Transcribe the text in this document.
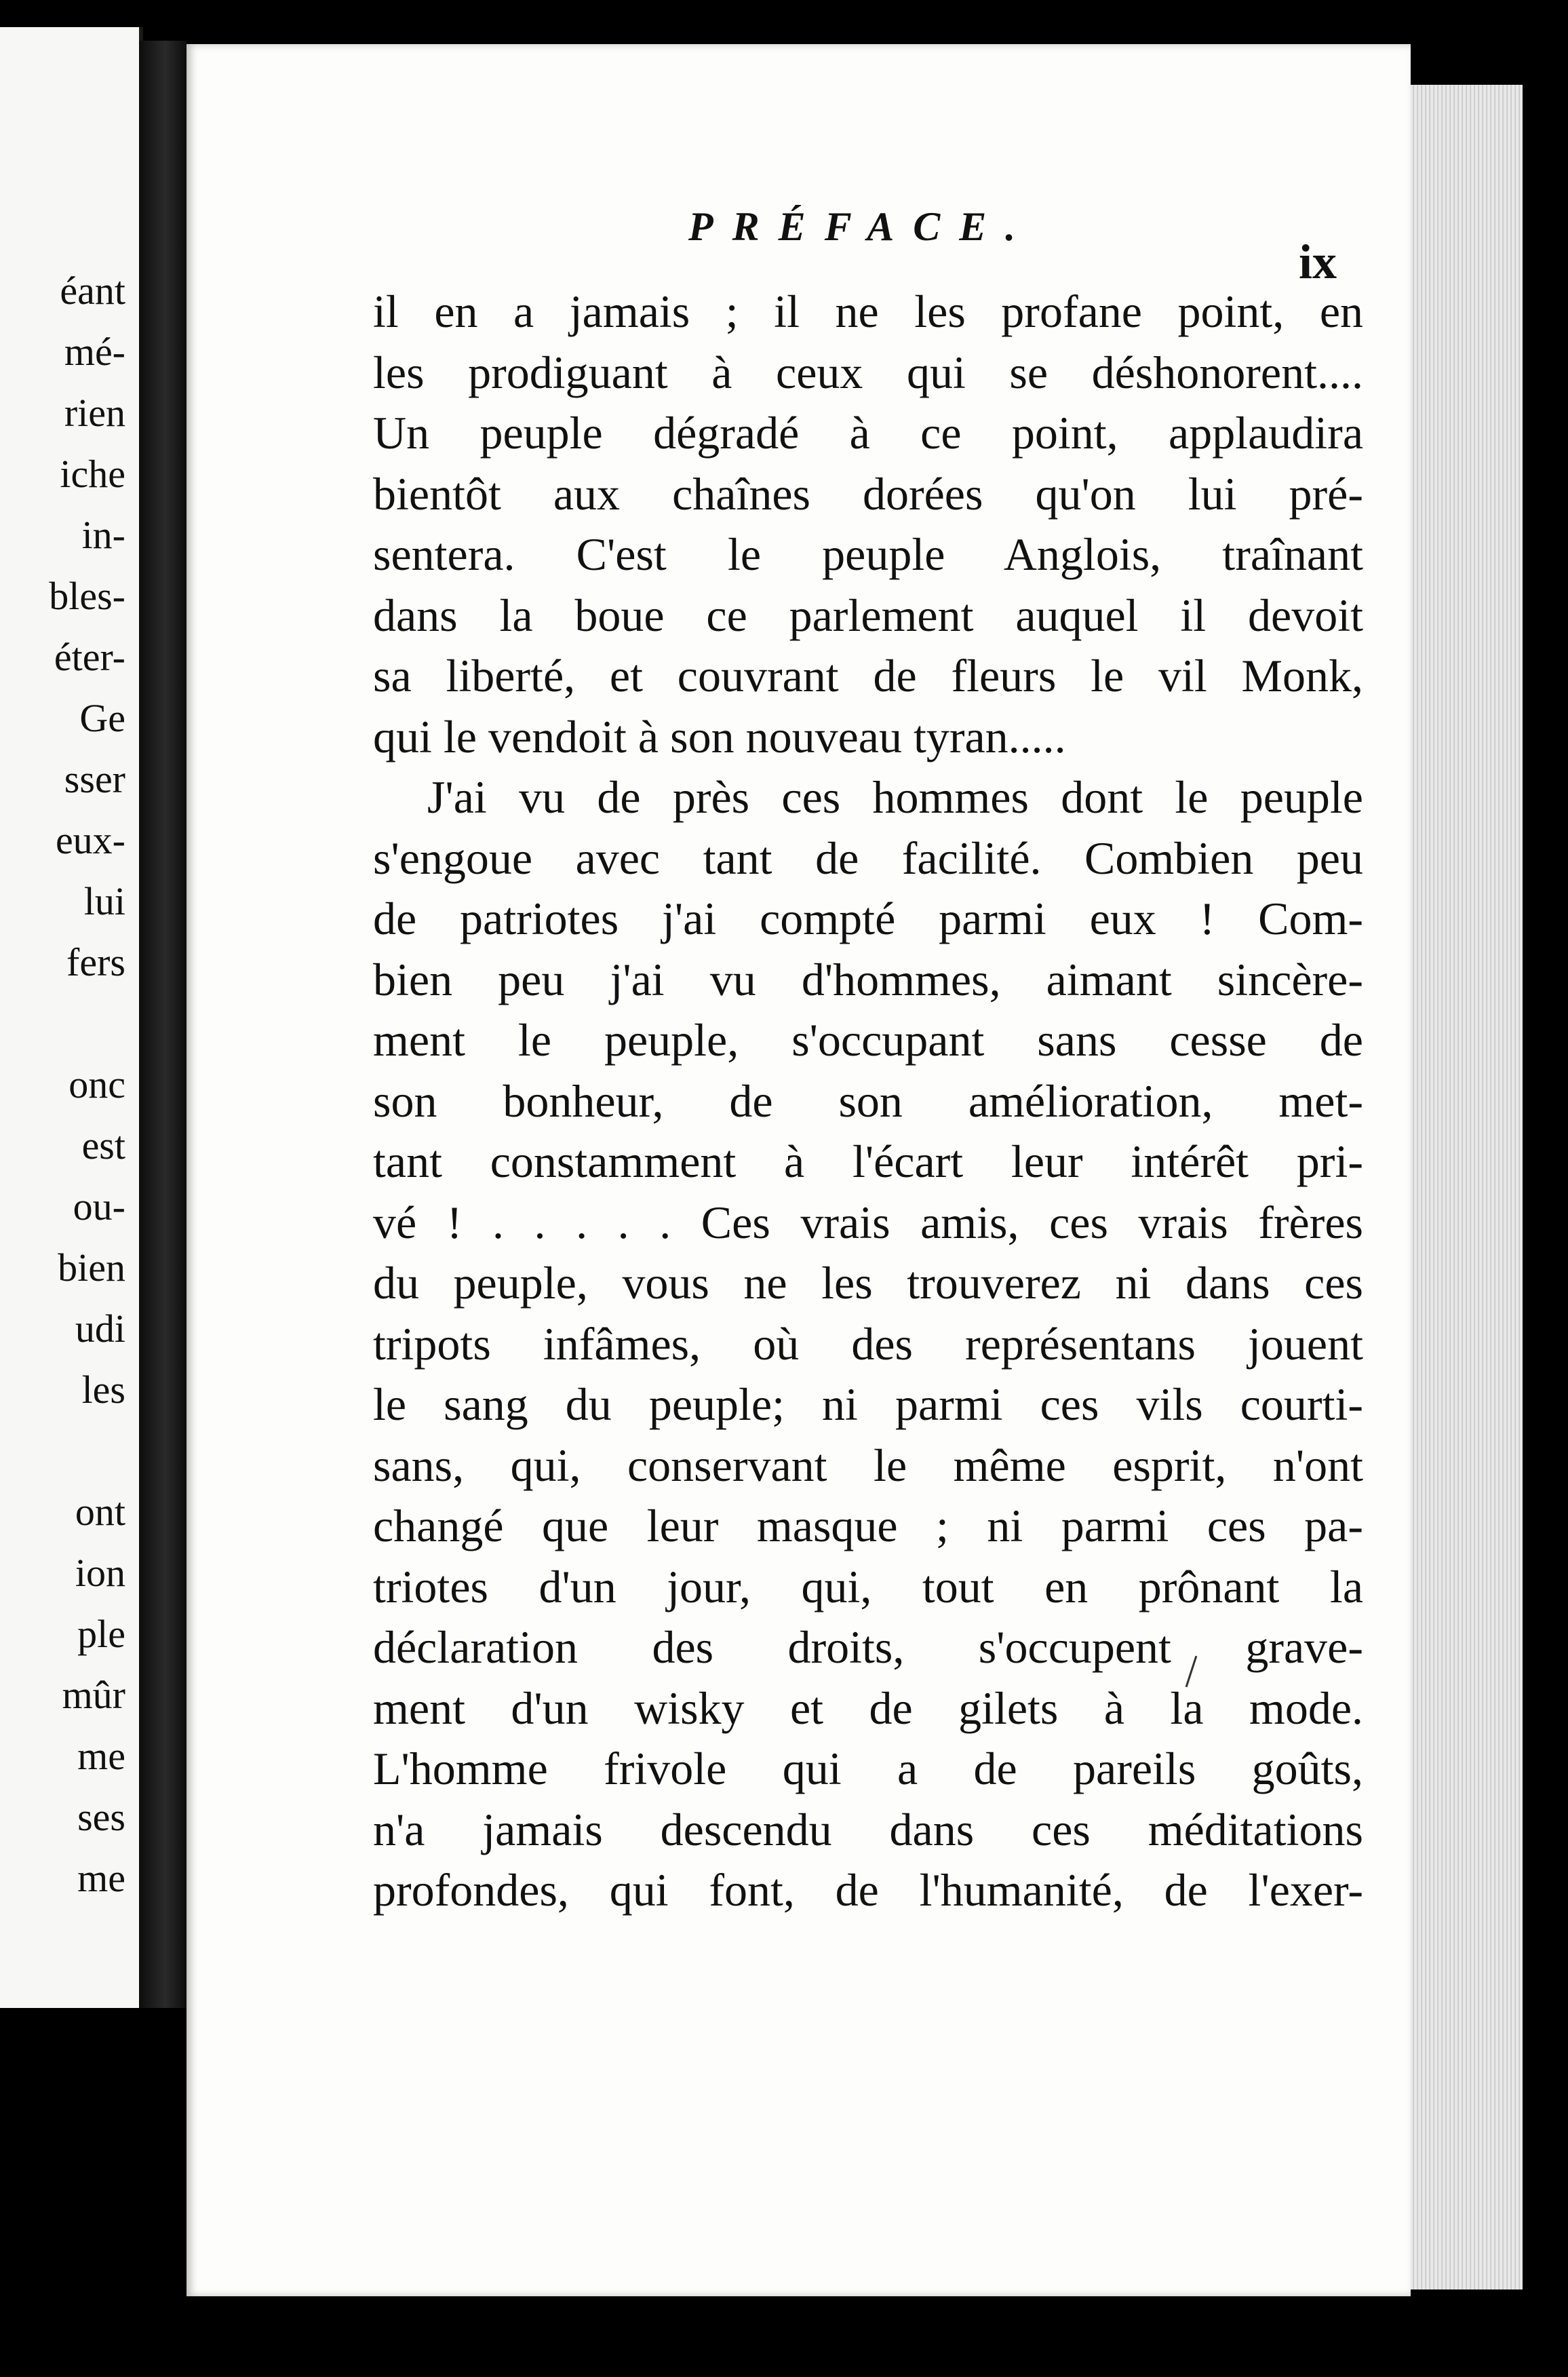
éant
mé-
rien
iche
in-
bles-
éter-
Ge
sser
eux-
lui
fers
onc
est
ou-
bien
udi
les
ont
ion
ple
mûr
me
ses
me
PRÉFACE.
ix
il en a jamais ; il ne les profane point, en
les prodiguant à ceux qui se déshonorent....
Un peuple dégradé à ce point, applaudira
bientôt aux chaînes dorées qu'on lui pré-
sentera. C'est le peuple Anglois, traînant
dans la boue ce parlement auquel il devoit
sa liberté, et couvrant de fleurs le vil Monk,
qui le vendoit à son nouveau tyran.....
J'ai vu de près ces hommes dont le peuple
s'engoue avec tant de facilité. Combien peu
de patriotes j'ai compté parmi eux ! Com-
bien peu j'ai vu d'hommes, aimant sincère-
ment le peuple, s'occupant sans cesse de
son bonheur, de son amélioration, met-
tant constamment à l'écart leur intérêt pri-
vé ! . . . . . Ces vrais amis, ces vrais frères
du peuple, vous ne les trouverez ni dans ces
tripots infâmes, où des représentans jouent
le sang du peuple; ni parmi ces vils courti-
sans, qui, conservant le même esprit, n'ont
changé que leur masque ; ni parmi ces pa-
triotes d'un jour, qui, tout en prônant la
déclaration des droits, s'occupent grave-
ment d'un wisky et de gilets à la mode.
L'homme frivole qui a de pareils goûts,
n'a jamais descendu dans ces méditations
profondes, qui font, de l'humanité, de l'exer-
